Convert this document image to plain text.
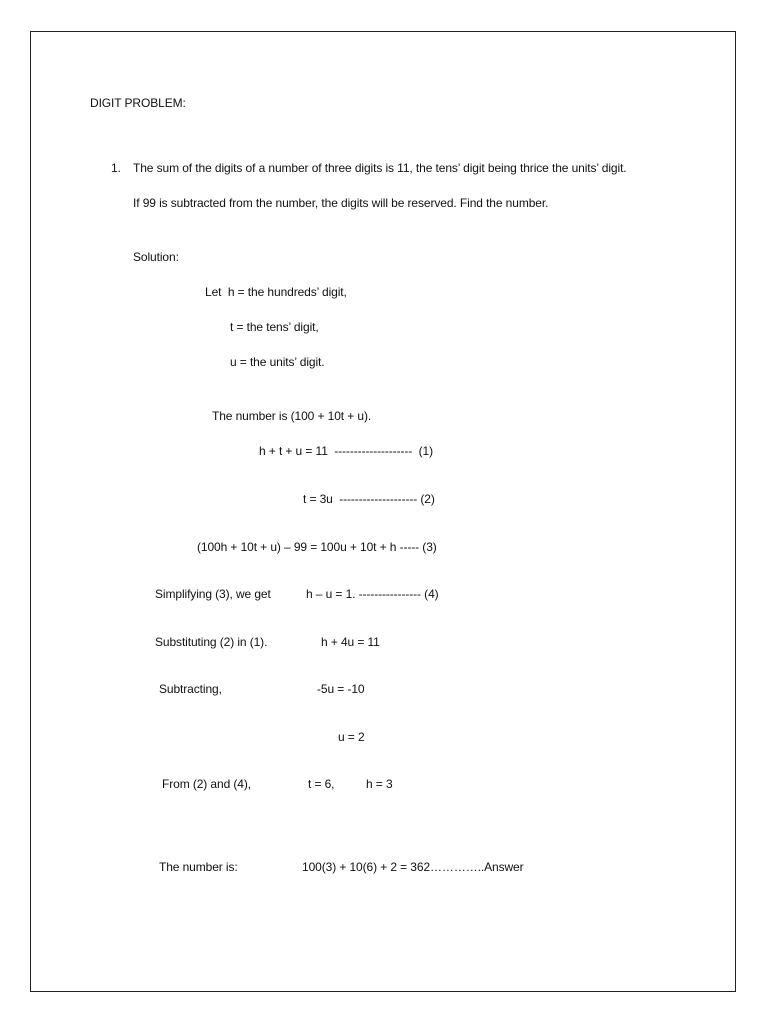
DIGIT PROBLEM:
1. The sum of the digits of a number of three digits is 11, the tens’ digit being thrice the units’ digit.
If 99 is subtracted from the number, the digits will be reserved. Find the number.
Solution:
Let  h = the hundreds’ digit,
t = the tens’ digit,
u = the units’ digit.
The number is (100 + 10t + u).
h + t + u = 11  --------------------  (1)
t = 3u  -------------------- (2)
(100h + 10t + u) – 99 = 100u + 10t + h ----- (3)
Simplifying (3), we get	h – u = 1. ---------------- (4)
Substituting (2) in (1).	h + 4u = 11
Subtracting,	-5u = -10
u = 2
From (2) and (4),	t = 6,	h = 3
The number is:	100(3) + 10(6) + 2 = 362…………..Answer
